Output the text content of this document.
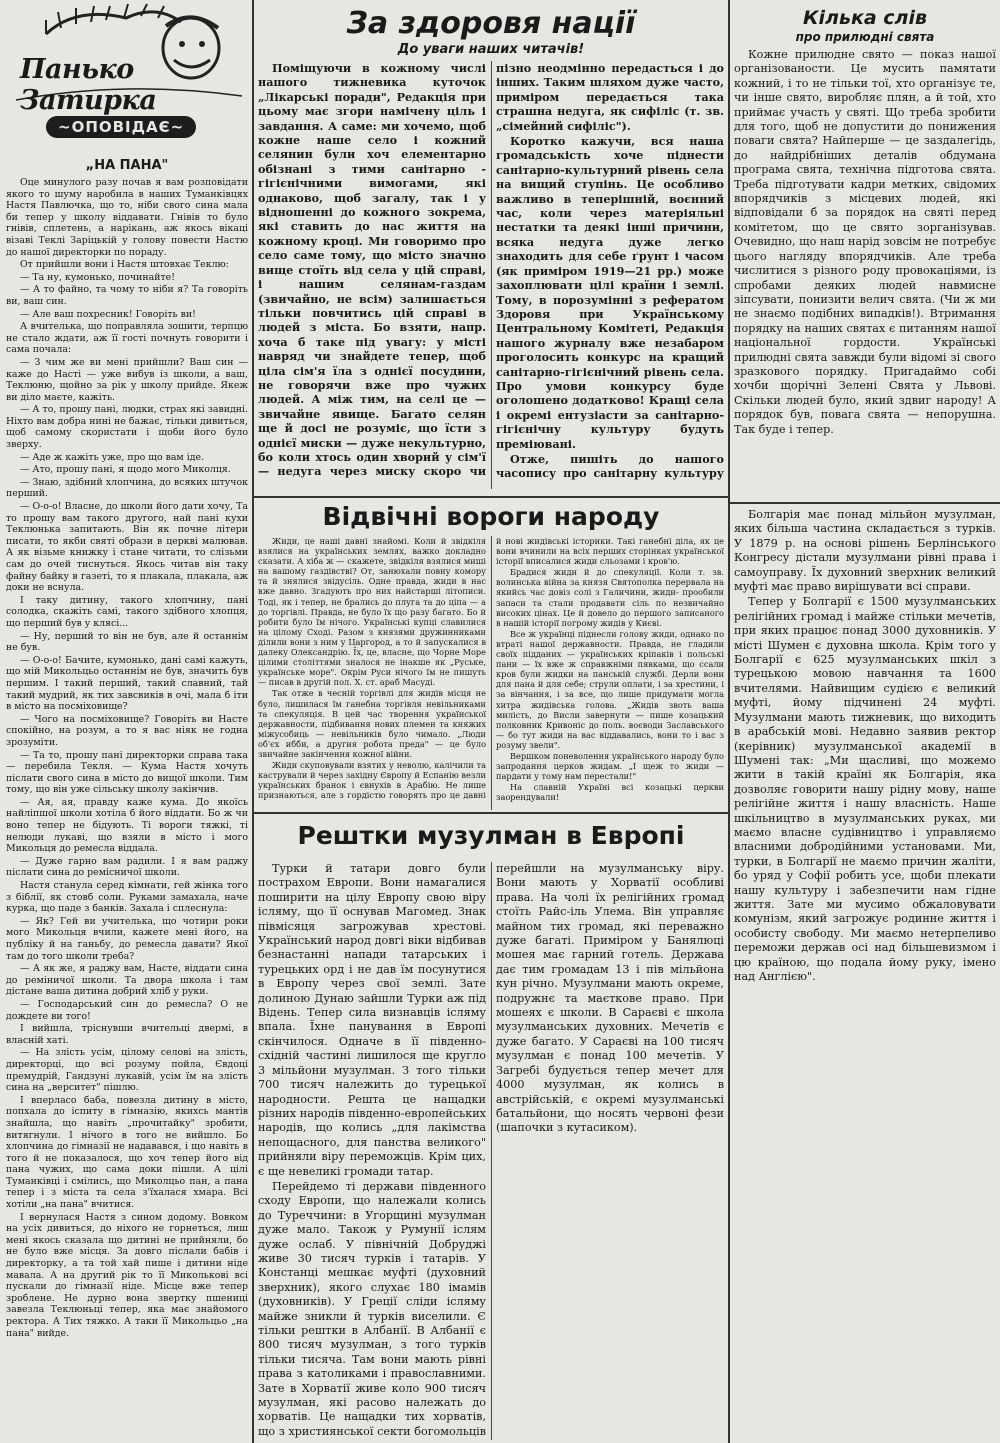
Панько Затирка
~ОПОВІДАЄ~
„НА ПАНА"

Оце минулого разу почав я вам розповідати якого то шуму наробила в наших Туманківцях Настя Павлючка, що то, ніби свого сина мала би тепер у школу віддавати. Гнівів то було гнівів, сплетень, а нарікань, аж якось вікаці візаві Теклі Заріцькій у голову повести Настю до нашої директорки по пораду.

От прийшли вони і Настя штовхає Теклю:

— Та ну, кумонько, починайте!

— А то файно, та чому то ніби я? Та говоріть ви, ваш син.

— Але ваш похресник! Говоріть ви!

А вчителька, що поправляла зошити, терпцю не стало ждати, аж її гості почнуть говорити і сама почала:

— З чим же ви мені прийшли? Ваш син — каже до Насті — уже вибув із школи, а ваш, Теклюню, щойно за рік у школу прийде. Якеж ви діло маєте, кажіть.

— А то, прошу пані, людки, страх які завидні. Ніхто вам добра нині не бажає, тільки дивиться, щоб самому скористати і щоби його було зверху.

— Аде ж кажіть уже, про що вам іде.

— Ато, прошу пані, я щодо мого Миколця.

— Знаю, здібний хлопчина, до всяких штучок перший.

— О-о-о! Власне, до школи його дати хочу, Та то прошу вам такого другого, най пані кухи Теклюнька запитають. Він як почне літери писати, то якби святі образи в церкві малював. А як візьме книжку і стане читати, то слізьми сам до очей тиснуться. Якось читав він таку файну байку в газеті, то я плакала, плакала, аж доки не вснула.

І таку дитину, такого хлопчину, пані солодка, скажіть самі, такого здібного хлопця, що перший був у клясі...

— Ну, перший то він не був, але й останнім не був.

— О-о-о! Бачите, кумонько, дані самі кажуть, що мій Микольцьо останнім не був, значить був першим. І такий перший, такий славний, тай такий мудрий, як тих завсвиків в очі, мала б іти в місто на посміховище?

— Чого на посміховище? Говоріть ви Насте спокійно, на розум, а то я вас ніяк не годна зрозуміти.

— Та то, прошу пані директорки справа така — перебила Текля. — Кума Настя хочуть післати свого сина в місто до вищої школи. Тим тому, що він уже сільську школу закінчив.

— Ая, ая, правду каже кума. До якоїсь найліпшої школи хотіла б його віддати. Бо ж чи воно тепер не бідують. Ті вороги тяжкі, ті нелюди лукаві, що взяли в місто і мого Микольця до ремесла віддала.

— Дуже гарно вам радили. І я вам раджу післати сина до ремісничої школи.

Настя станула серед кімнати, гей жінка того з біблії, як стовб соли. Руками замахала, наче курка, що паде з банків. Захала і сплеснула:

— Як? Гей ви учителька, що чотири роки мого Микольця вчили, кажете мені його, на публіку й на ганьбу, до ремесла давати? Якої там до того школи треба?

— А як же, я раджу вам, Насте, віддати сина до реміничої школи. Та двора школа і там дістане ваша дитина добрий хліб у руки.

— Господарський син до ремесла? О не дождете ви того!

І вийшла, тріснувши вчительці двермі, в власній хаті.

— На злість усім, цілому селові на злість, директорці, що всі розуму пойла, Євдоці премудрій, Гандзуні лукавій, усім їм на злість сина на „верситет" пішлю.

І вперласо баба, повезла дитину в місто, попхала до іспиту в гімназію, якихсь мантів знайшла, що навіть „прочитайку" зробити, витягнули. І нічого в того не вийшло. Бо хлопчина до гімназії не надавався, і що навіть в того й не показалося, що хоч тепер його від пана чужих, що сама доки пішли. А цілі Туманківці і смілись, що Миколцьо пан, а пана тепер і з міста та села з'їхалася хмара. Всі хотіли „на пана" вчитися.

І вернулася Настя з сином додому. Вовком на усіх дивиться, до ніхого не горнеться, лиш мені якось сказала що дитині не прийняли, бо не було вже місця. За довго післали бабів і директорку, а та той хай пише і дитини ніде мавала. А на другий рік то її Миколькові всі пускали до гімназії ніде. Місце вже тепер зроблене. Не дурно вона звертку пшениці завезла Теклюньці тепер, яка має знайомого ректора. А Тих тяжко. А таки її Микольцьо „на пана" вийде.

За здоровя нації
До уваги наших читачів!

Поміщуючи в кожному числі нашого тижневика куточок „Лікарські поради", Редакція при цьому має згори намічену ціль і завдання. А саме: ми хочемо, щоб кожне наше село і кожний селянин були хоч елементарно обізнані з тими санітарно - гігієнічними вимогами, які однаково, щоб загалу, так і у відношенні до кожного зокрема, які ставить до нас життя на кожному кроці. Ми говоримо про село саме тому, що місто значно вище стоїть від села у цій справі, і нашим селянам-газдам (звичайно, не всім) залишається тільки повчитись цій справі в людей з міста. Бо взяти, напр. хоча б таке під увагу: у місті навряд чи знайдете тепер, щоб ціла сім'я їла з однієї посудини, не говорячи вже про чужих людей. А між тим, на селі це — звичайне явище. Багато селян ще й досі не розуміє, що їсти з однієї миски — дуже некультурно, бо коли хтось один хворий у сім'ї — недуга через миску скоро чи пізно неодмінно передасться і до інших. Таким шляхом дуже часто, приміром передається така страшна недуга, як сифіліс (т. зв. „сімейний сифіліс").

Коротко кажучи, вся наша громадськість хоче піднести санітарно-культурний рівень села на вищий ступінь. Це особливо важливо в теперішній, воєнний час, коли через матеріяльні нестатки та деякі інші причини, всяка недуга дуже легко знаходить для себе ґрунт і часом (як приміром 1919—21 рр.) може захоплювати цілі країни і землі. Тому, в порозумінні з рефератом Здоровя при Українському Центральному Комітеті, Редакція нашого журналу вже незабаром проголосить конкурс на кращий санітарно-гігієнічний рівень села. Про умови конкурсу буде оголошено додатково! Кращі села і окремі ентузіасти за санітарно-гігієнічну культуру будуть преміювані.

Отже, пишіть до нашого часопису про санітарну культуру

Кілька слів
про прилюдні свята

Кожне прилюдне свято — показ нашої організованости. Це мусить памятати кожний, і то не тільки тої, хто організує те, чи інше свято, виробляє плян, а й той, хто приймає участь у святі. Що треба зробити для того, щоб не допустити до понижения поваги свята? Найперше — це заздалегідь, до найдрібніших деталів обдумана програма свята, технічна підготова свята. Треба підготувати кадри метких, свідомих впорядчиків з місцевих людей, які відповідали б за порядок на святі перед комітетом, що це свято зорганізував. Очевидно, що наш нарід зовсім не потребує цього нагляду впорядчиків. Але треба числитися з різного роду провокаціями, із спробами деяких людей навмисне зіпсувати, понизити велич свята. (Чи ж ми не знаємо подібних випадків!). Втримання порядку на наших святах є питанням нашої національної гордости. Українські прилюдні свята завжди були відомі зі свого зразкового порядку. Пригадаймо собі хочби щорічні Зелені Свята у Львові. Скільки людей було, який здвиг народу! А порядок був, повага свята — непорушна. Так буде і тепер.

Відвічні вороги народу

Жиди, це наші давні знайомі. Коли й звідкіля взялися на українських землях, важко докладно сказати. А хіба ж — скажете, звідкіля взялися миші на вашому газдівстві? От, занюхали повну комору та й знялися звідусіль. Одне правда, жиди в нас вже давно. Згадують про них найстарші літописи. Тоді, як і тепер, не брались до плуга та до ціпа — а до торгівлі. Правда, не було їх що разу багато. Бо й робити було їм нічого. Українські купці славилися на цілому Сході. Разом з князями дружинниками ділили вони з ним у Царгород, а то й запускалися в далеку Олександрію. Їх, це, власне, що Чорне Море цілими століттями зналося не інакше як „Руське, українське море". Окрім Руси нічого їм не пишуть — писав в другій пол. X. ст. араб Масуді.

Так отже в чесній торгівлі для жидів місця не було, лишилася їм ганебна торгівля невільниками та спекуляція. В цей час творення української державности, підбивання нових племен та княжих міжусобиць — невільників було чимало. „Люди об'єх ибби, а другия робота преда" — це було звичайне закінчення кожної війни.

Жиди скуповували взятих у неволю, калічили та кастрували й через західну Європу й Еспанію везли українських бранок і євнухів в Арабію. Не лише признаються, але з гордістю говорять про це давні й нові жидівські історики. Такі ганебні діла, як це вони вчинили на всіх перших сторінках української історії вписалися жиди сльозами і кров'ю.

Брадися жиди й до спекуляції. Коли т. зв. волинська війна за князя Святополка перервала на якийсь час довіз солі з Галичини, жиди- прообили запаси та стали продавати сіль по незвичайно високих цінах. Це й довело до першого записаного в нашій історії погрому жидів у Києві.

Все ж українці піднесли голову жиди, однако по втраті нашої державности. Правда, не гладили своїх підданих — українських кріпаків і польські пани — їх вже ж справжніми пявками, що ссали кров були жидки на панській службі. Дерли вони для пана й для себе; струли оплати, і за хрестини, і за вінчання, і за все, що лише придумати могла хитра жидівська голова. „Жидів звоть ваша милість, до Висли завернути — пише козацький полковник Кривоніс до поль. воєводи Заславського — бо тут жиди на вас віддавались, вони то і вас з розуму звели".

Вершком поневолення українського народу було запродання церков жидам. „І щеж то жиди — пардати у тому нам перестали!"

На славній Україні всі козацькі церкви заорендували!

Рештки музулман в Европі

Турки й татари довго були пострахом Европи. Вони намагалися поширити на цілу Европу свою віру ісляму, що її оснував Магомед. Знак півмісяця загрожував хрестові. Український народ довгі віки відбивав безнастанні напади татарських і турецьких орд і не дав їм посунутися в Европу через свої землі. Зате долиною Дунаю зайшли Турки аж під Відень. Тепер сила визнавців ісляму впала. Їхне панування в Европі скінчилося. Одначе в її південно-східній частині лишилося ще кругло 3 мільйони музулман. З того тільки 700 тисяч належить до турецької народности. Решта це нащадки різних народів південно-европейських народів, що колись „для лакімства непощасного, для панства великого" прийняли віру переможців. Крім цих, є ще невеликі громади татар.

Перейдемо ті держави південного сходу Европи, що належали колись до Туреччини: в Угорщині музулман дуже мало. Також у Румунії іслям дуже ослаб. У північній Добруджі живе 30 тисяч турків і татарів. У Констанці мешкає муфті (духовний зверхник), якого слухає 180 імамів (духовників). У Греції сліди ісляму майже зникли й турків виселили. Є тільки рештки в Албанії. В Албанії є 800 тисяч музулман, з того турків тільки тисяча. Там вони мають рівні права з католиками і православними. Зате в Хорватії живе коло 900 тисяч музулман, які расово належать до хорватів. Це нащадки тих хорватів, що з християнської секти богомольців перейшли на музулманську віру. Вони мають у Хорватії особливі права. На чолі їх релігійних громад стоїть Райс-іль Улема. Він управляє майном тих громад, які переважно дуже багаті. Приміром у Банялюці мошея має гарний готель. Держава дає тим громадам 13 і пів мільйона кун річно. Музулмани мають окреме, подружнє та маєткове право. При мошеях є школи. В Сараєві є школа музулманських духовних. Мечетів є дуже багато. У Сараєві на 100 тисяч музулман є понад 100 мечетів. У Загребі будується тепер мечет для 4000 музулман, як колись в австрійській, є окремі музулманські батальйони, що носять червоні фези (шапочки з кутасиком).

Болгарія має понад мільйон музулман, яких більша частина складається з турків. У 1879 р. на основі рішень Берлінського Конгресу дістали музулмани рівні права і самоуправу. Їх духовний зверхник великий муфті має право вирішувати всі справи.

Тепер у Болгарії є 1500 музулманських релігійних громад і майже стільки мечетів, при яких працює понад 3000 духовників. У місті Шумен є духовна школа. Крім того у Болгарії є 625 музулманських шкіл з турецькою мовою навчання та 1600 вчителями. Найвищим судією є великий муфті, йому підчинені 24 муфті. Музулмани мають тижневик, що виходить в арабській мові. Недавно заявив ректор (керівник) музулманської академії в Шумені так: „Ми щасливі, що можемо жити в такій країні як Болгарія, яка дозволяє говорити нашу рідну мову, наше релігійне життя і нашу власність. Наше шкільництво в музулманських руках, ми маємо власне судівництво і управляємо власними добродійними установами. Ми, турки, в Болгарії не маємо причин жаліти, бо уряд у Софії робить усе, щоби плекати нашу культуру і забезпечити нам гідне життя. Зате ми мусимо обжаловувати комунізм, який загрожує родинне життя і особисту свободу. Ми маємо нетерпеливо переможи держав осі над більшевизмом і цю країною, що подала йому руку, імено над Англією".
